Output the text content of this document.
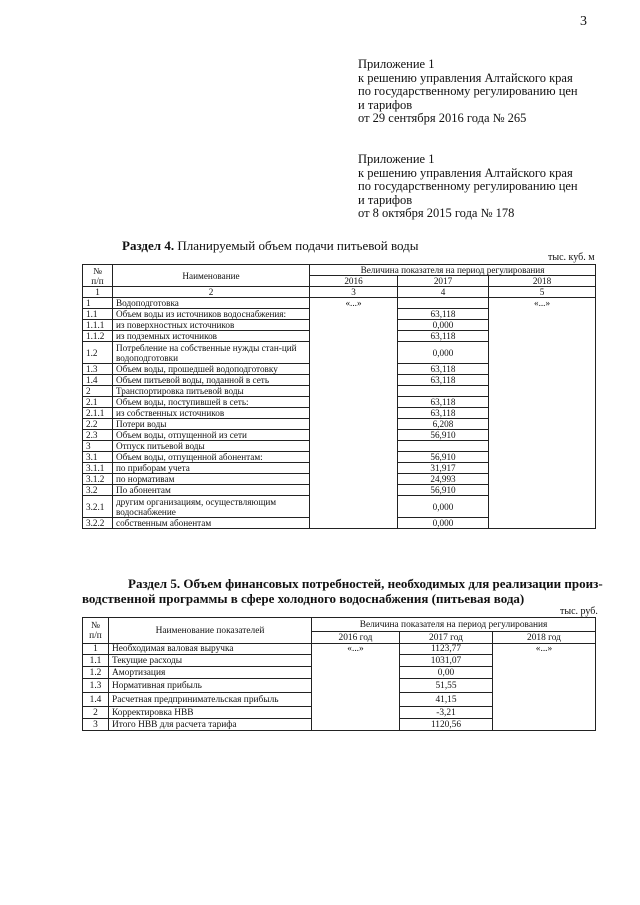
3
Приложение 1
к решению управления Алтайского края
по государственному регулированию цен
и тарифов
от 29 сентября 2016 года № 265
Приложение 1
к решению управления Алтайского края
по государственному регулированию цен
и тарифов
от 8 октября 2015 года № 178
Раздел 4. Планируемый объем подачи питьевой воды
тыс. куб. м
№
п/п	Наименование	Величина показателя на период регулирования		
		2016	2017	2018
1	2	3	4	5
1	Водоподготовка	«...»		«...»
1.1	Объем воды из источников водоснабжения:		63,118	
1.1.1	из поверхностных источников		0,000	
1.1.2	из подземных источников		63,118	
1.2	Потребление на собственные нужды стан-ций водоподготовки		0,000	
1.3	Объем воды, прошедшей водоподготовку		63,118	
1.4	Объем питьевой воды, поданной в сеть		63,118	
2	Транспортировка питьевой воды			
2.1	Объем воды, поступившей в сеть:		63,118	
2.1.1	из собственных источников		63,118	
2.2	Потери воды		6,208	
2.3	Объем воды, отпущенной из сети		56,910	
3	Отпуск питьевой воды			
3.1	Объем воды, отпущенной абонентам:		56,910	
3.1.1	по приборам учета		31,917	
3.1.2	по нормативам		24,993	
3.2	По абонентам		56,910	
3.2.1	другим организациям, осуществляющим водоснабжение		0,000	
3.2.2	собственным абонентам		0,000	
Раздел 5. Объем финансовых потребностей, необходимых для реализации произ-
водственной программы в сфере холодного водоснабжения (питьевая вода)
тыс. руб.
№
п/п	Наименование показателей	Величина показателя на период регулирования		
		2016 год	2017 год	2018 год
1	Необходимая валовая выручка	«...»	1123,77	«...»
1.1	Текущие расходы		1031,07	
1.2	Амортизация		0,00	
1.3	Нормативная прибыль		51,55	
1.4	Расчетная предпринимательская прибыль		41,15	
2	Корректировка НВВ		-3,21	
3	Итого НВВ для расчета тарифа		1120,56	
